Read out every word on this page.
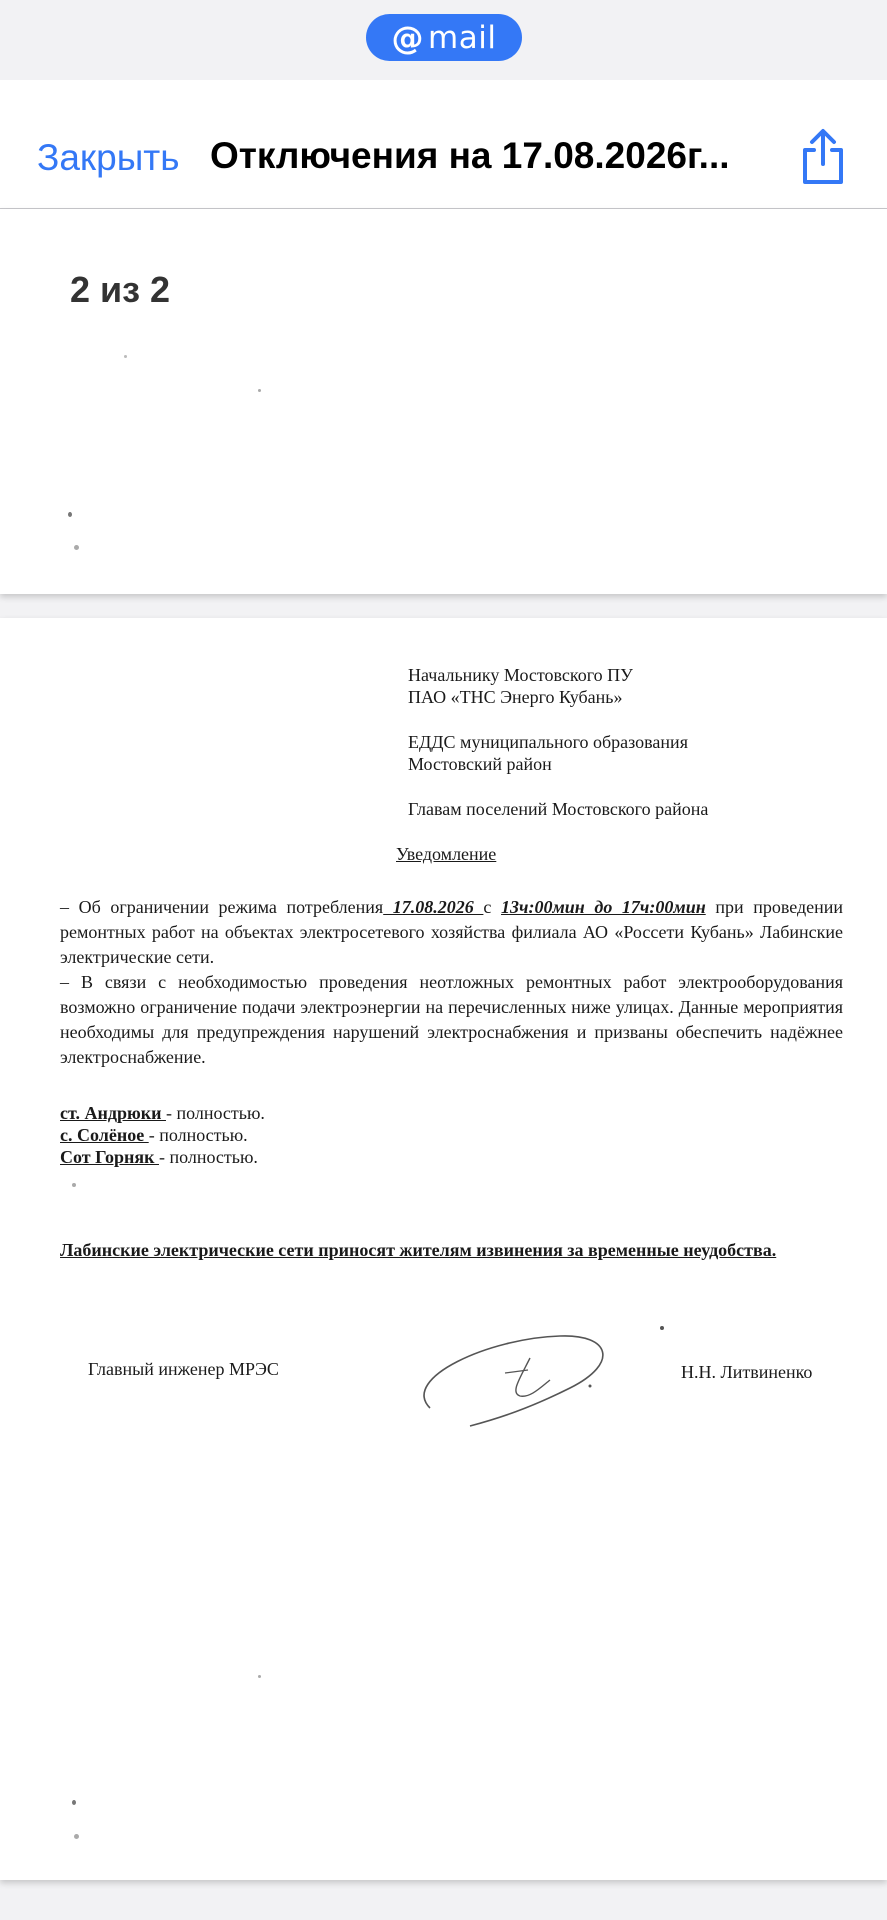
@ mail
Закрыть Отключения на 17.08.2026г...
2 из 2
Начальнику Мостовского ПУ
ПАО «ТНС Энерго Кубань»
ЕДДС муниципального образования
Мостовский район
Главам поселений Мостовского района
Уведомление
– Об ограничении режима потребления 17.08.2026 с 13ч:00мин до 17ч:00мин при проведении ремонтных работ на объектах электросетевого хозяйства филиала АО «Россети Кубань» Лабинские электрические сети.
– В связи с необходимостью проведения неотложных ремонтных работ электрооборудования возможно ограничение подачи электроэнергии на перечисленных ниже улицах. Данные мероприятия необходимы для предупреждения нарушений электроснабжения и призваны обеспечить надёжнее электроснабжение.
ст. Андрюки - полностью.
с. Солёное - полностью.
Сот Горняк - полностью.
Лабинские электрические сети приносят жителям извинения за временные неудобства.
Главный инженер МРЭС	Н.Н. Литвиненко
